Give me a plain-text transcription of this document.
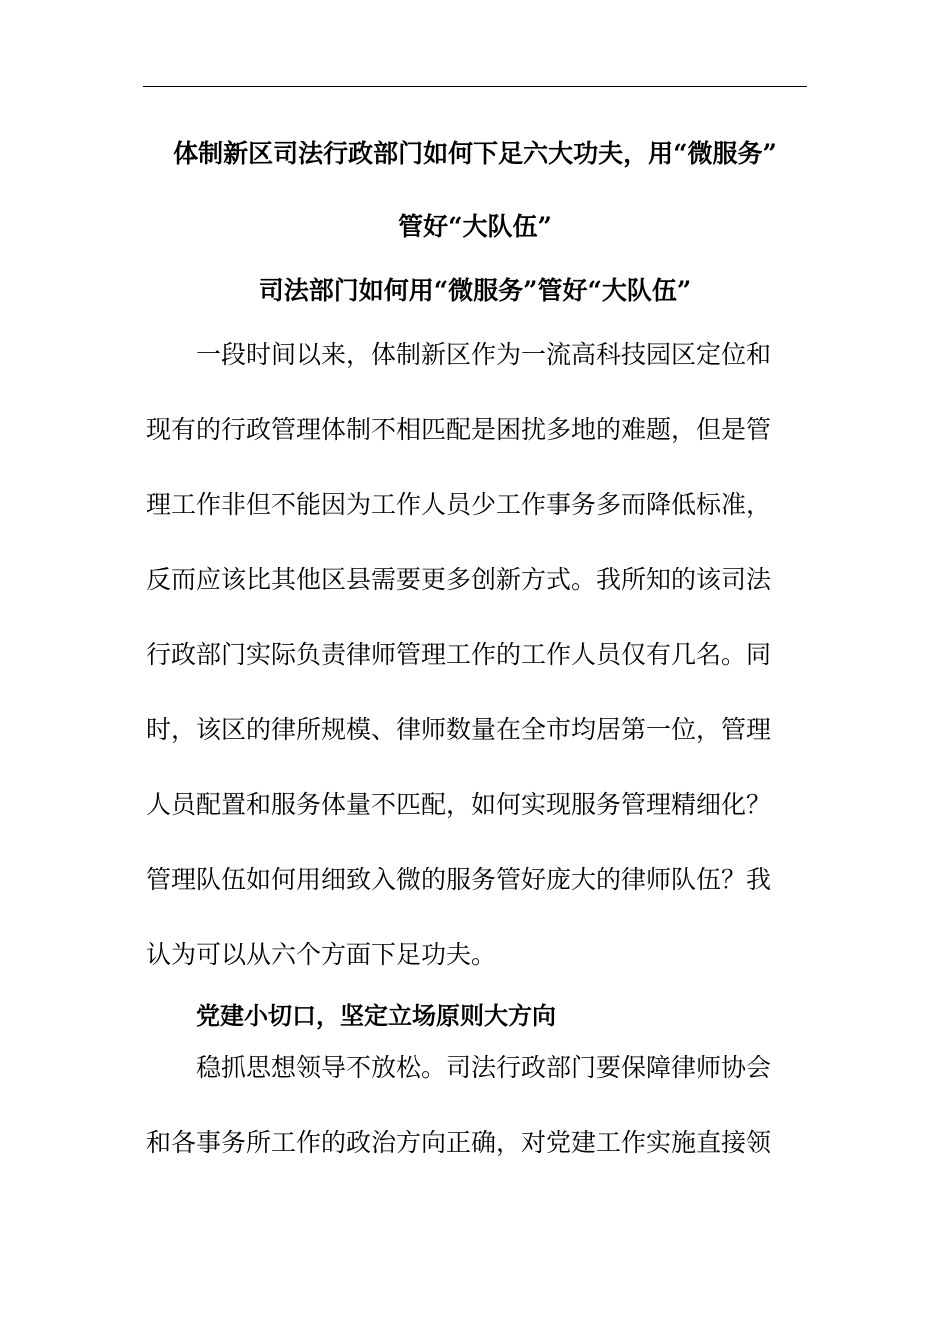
体制新区司法行政部门如何下足六大功夫，用“微服务”
管好“大队伍”
司法部门如何用“微服务”管好“大队伍”
一段时间以来，体制新区作为一流高科技园区定位和
现有的行政管理体制不相匹配是困扰多地的难题，但是管
理工作非但不能因为工作人员少工作事务多而降低标准，
反而应该比其他区县需要更多创新方式。我所知的该司法
行政部门实际负责律师管理工作的工作人员仅有几名。同
时，该区的律所规模、律师数量在全市均居第一位，管理
人员配置和服务体量不匹配，如何实现服务管理精细化？
管理队伍如何用细致入微的服务管好庞大的律师队伍？我
认为可以从六个方面下足功夫。
党建小切口，坚定立场原则大方向
稳抓思想领导不放松。司法行政部门要保障律师协会
和各事务所工作的政治方向正确，对党建工作实施直接领
